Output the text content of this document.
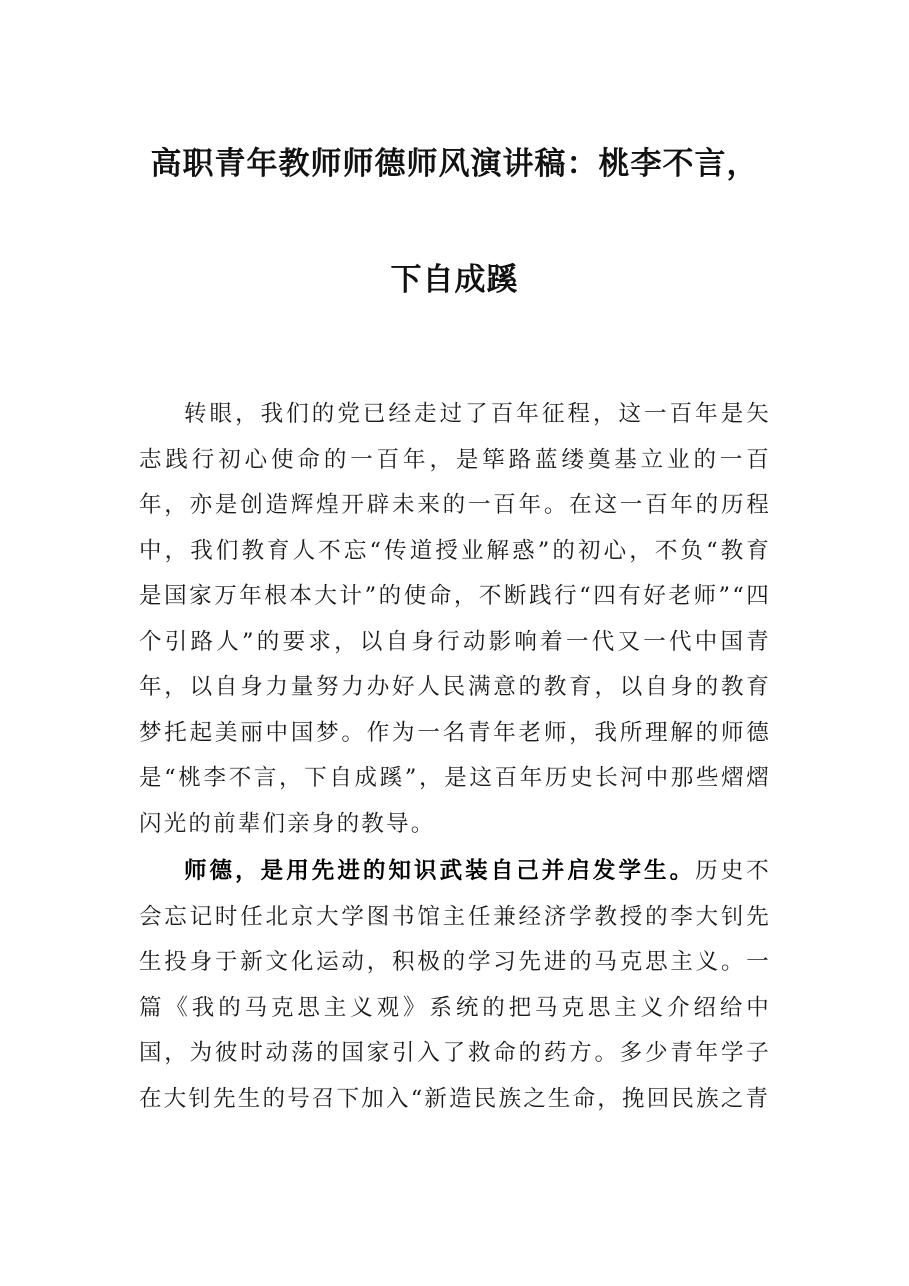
高职青年教师师德师风演讲稿：桃李不言，
下自成蹊

转眼，我们的党已经走过了百年征程，这一百年是矢志践行初心使命的一百年，是筚路蓝缕奠基立业的一百年，亦是创造辉煌开辟未来的一百年。在这一百年的历程中，我们教育人不忘“传道授业解惑”的初心，不负“教育是国家万年根本大计”的使命，不断践行“四有好老师”“四个引路人”的要求，以自身行动影响着一代又一代中国青年，以自身力量努力办好人民满意的教育，以自身的教育梦托起美丽中国梦。作为一名青年老师，我所理解的师德是“桃李不言，下自成蹊”，是这百年历史长河中那些熠熠闪光的前辈们亲身的教导。

师德，是用先进的知识武装自己并启发学生。历史不会忘记时任北京大学图书馆主任兼经济学教授的李大钊先生投身于新文化运动，积极的学习先进的马克思主义。一篇《我的马克思主义观》系统的把马克思主义介绍给中国，为彼时动荡的国家引入了救命的药方。多少青年学子在大钊先生的号召下加入“新造民族之生命，挽回民族之青
